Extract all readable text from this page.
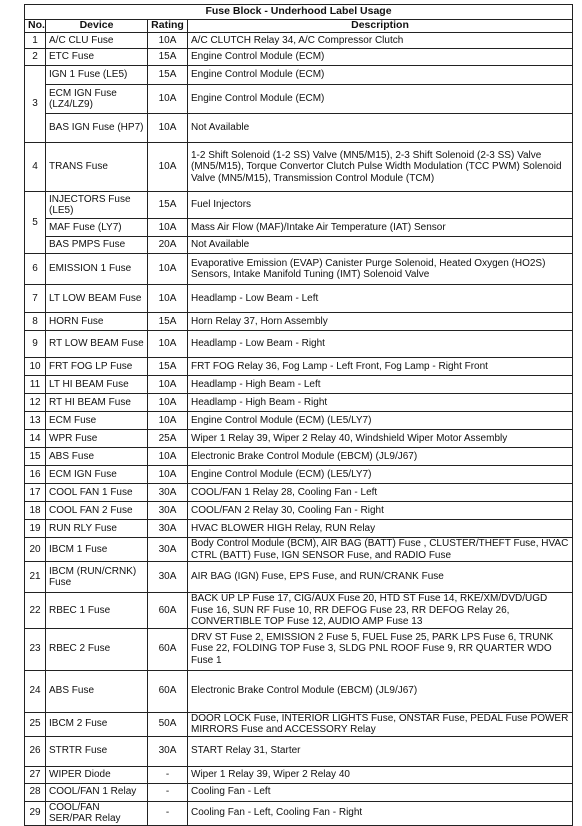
Fuse Block - Underhood Label Usage			
No.	Device	Rating	Description
1	A/C CLU Fuse	10A	A/C CLUTCH Relay 34, A/C Compressor Clutch
2	ETC Fuse	15A	Engine Control Module (ECM)
3	IGN 1 Fuse (LE5)	15A	Engine Control Module (ECM)
	ECM IGN Fuse (LZ4/LZ9)	10A	Engine Control Module (ECM)
	BAS IGN Fuse (HP7)	10A	Not Available
4	TRANS Fuse	10A	1-2 Shift Solenoid (1-2 SS) Valve (MN5/M15), 2-3 Shift Solenoid (2-3 SS) Valve (MN5/M15), Torque Convertor Clutch Pulse Width Modulation (TCC PWM) Solenoid Valve (MN5/M15), Transmission Control Module (TCM)
5	INJECTORS Fuse (LE5)	15A	Fuel Injectors
	MAF Fuse (LY7)	10A	Mass Air Flow (MAF)/Intake Air Temperature (IAT) Sensor
	BAS PMPS Fuse	20A	Not Available
6	EMISSION 1 Fuse	10A	Evaporative Emission (EVAP) Canister Purge Solenoid, Heated Oxygen (HO2S) Sensors, Intake Manifold Tuning (IMT) Solenoid Valve
7	LT LOW BEAM Fuse	10A	Headlamp - Low Beam - Left
8	HORN Fuse	15A	Horn Relay 37, Horn Assembly
9	RT LOW BEAM Fuse	10A	Headlamp - Low Beam - Right
10	FRT FOG LP Fuse	15A	FRT FOG Relay 36, Fog Lamp - Left Front, Fog Lamp - Right Front
11	LT HI BEAM Fuse	10A	Headlamp - High Beam - Left
12	RT HI BEAM Fuse	10A	Headlamp - High Beam - Right
13	ECM Fuse	10A	Engine Control Module (ECM) (LE5/LY7)
14	WPR Fuse	25A	Wiper 1 Relay 39, Wiper 2 Relay 40, Windshield Wiper Motor Assembly
15	ABS Fuse	10A	Electronic Brake Control Module (EBCM) (JL9/J67)
16	ECM IGN Fuse	10A	Engine Control Module (ECM) (LE5/LY7)
17	COOL FAN 1 Fuse	30A	COOL/FAN 1 Relay 28, Cooling Fan - Left
18	COOL FAN 2 Fuse	30A	COOL/FAN 2 Relay 30, Cooling Fan - Right
19	RUN RLY Fuse	30A	HVAC BLOWER HIGH Relay, RUN Relay
20	IBCM 1 Fuse	30A	Body Control Module (BCM), AIR BAG (BATT) Fuse , CLUSTER/THEFT Fuse, HVAC CTRL (BATT) Fuse, IGN SENSOR Fuse, and RADIO Fuse
21	IBCM (RUN/CRNK) Fuse	30A	AIR BAG (IGN) Fuse, EPS Fuse, and RUN/CRANK Fuse
22	RBEC 1 Fuse	60A	BACK UP LP Fuse 17, CIG/AUX Fuse 20, HTD ST Fuse 14, RKE/XM/DVD/UGD Fuse 16, SUN RF Fuse 10, RR DEFOG Fuse 23, RR DEFOG Relay 26, CONVERTIBLE TOP Fuse 12, AUDIO AMP Fuse 13
23	RBEC 2 Fuse	60A	DRV ST Fuse 2, EMISSION 2 Fuse 5, FUEL Fuse 25, PARK LPS Fuse 6, TRUNK Fuse 22, FOLDING TOP Fuse 3, SLDG PNL ROOF Fuse 9, RR QUARTER WDO Fuse 1
24	ABS Fuse	60A	Electronic Brake Control Module (EBCM) (JL9/J67)
25	IBCM 2 Fuse	50A	DOOR LOCK Fuse, INTERIOR LIGHTS Fuse, ONSTAR Fuse, PEDAL Fuse POWER MIRRORS Fuse and ACCESSORY Relay
26	STRTR Fuse	30A	START Relay 31, Starter
27	WIPER Diode	-	Wiper 1 Relay 39, Wiper 2 Relay 40
28	COOL/FAN 1 Relay	-	Cooling Fan - Left
29	COOL/FAN SER/PAR Relay	-	Cooling Fan - Left, Cooling Fan - Right
